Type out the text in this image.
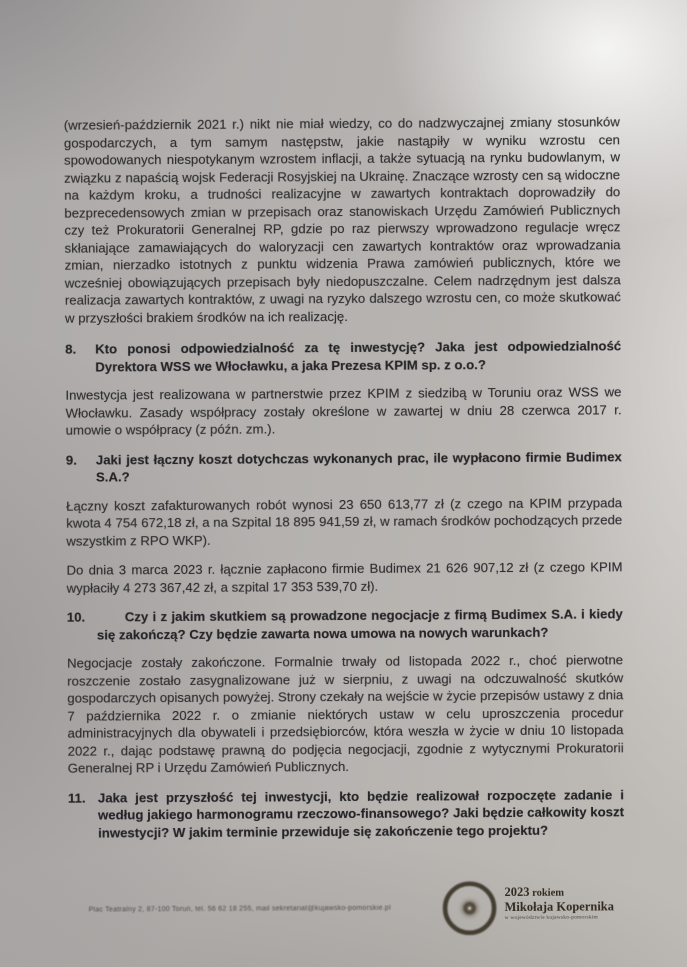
(wrzesień-październik 2021 r.) nikt nie miał wiedzy, co do nadzwyczajnej zmiany stosunków gospodarczych, a tym samym następstw, jakie nastąpiły w wyniku wzrostu cen spowodowanych niespotykanym wzrostem inflacji, a także sytuacją na rynku budowlanym, w związku z napaścią wojsk Federacji Rosyjskiej na Ukrainę. Znaczące wzrosty cen są widoczne na każdym kroku, a trudności realizacyjne w zawartych kontraktach doprowadziły do bezprecedensowych zmian w przepisach oraz stanowiskach Urzędu Zamówień Publicznych czy też Prokuratorii Generalnej RP, gdzie po raz pierwszy wprowadzono regulacje wręcz skłaniające zamawiających do waloryzacji cen zawartych kontraktów oraz wprowadzania zmian, nierzadko istotnych z punktu widzenia Prawa zamówień publicznych, które we wcześniej obowiązujących przepisach były niedopuszczalne. Celem nadrzędnym jest dalsza realizacja zawartych kontraktów, z uwagi na ryzyko dalszego wzrostu cen, co może skutkować w przyszłości brakiem środków na ich realizację.

8. Kto ponosi odpowiedzialność za tę inwestycję? Jaka jest odpowiedzialność Dyrektora WSS we Włocławku, a jaka Prezesa KPIM sp. z o.o.?

Inwestycja jest realizowana w partnerstwie przez KPIM z siedzibą w Toruniu oraz WSS we Włocławku. Zasady współpracy zostały określone w zawartej w dniu 28 czerwca 2017 r. umowie o współpracy (z późn. zm.).

9. Jaki jest łączny koszt dotychczas wykonanych prac, ile wypłacono firmie Budimex S.A.?

Łączny koszt zafakturowanych robót wynosi 23 650 613,77 zł (z czego na KPIM przypada kwota 4 754 672,18 zł, a na Szpital 18 895 941,59 zł, w ramach środków pochodzących przede wszystkim z RPO WKP).

Do dnia 3 marca 2023 r. łącznie zapłacono firmie Budimex 21 626 907,12 zł (z czego KPIM wypłaciły 4 273 367,42 zł, a szpital 17 353 539,70 zł).

10.	Czy i z jakim skutkiem są prowadzone negocjacje z firmą Budimex S.A. i kiedy się zakończą? Czy będzie zawarta nowa umowa na nowych warunkach?

Negocjacje zostały zakończone. Formalnie trwały od listopada 2022 r., choć pierwotne roszczenie zostało zasygnalizowane już w sierpniu, z uwagi na odczuwalność skutków gospodarczych opisanych powyżej. Strony czekały na wejście w życie przepisów ustawy z dnia 7 października 2022 r. o zmianie niektórych ustaw w celu uproszczenia procedur administracyjnych dla obywateli i przedsiębiorców, która weszła w życie w dniu 10 listopada 2022 r., dając podstawę prawną do podjęcia negocjacji, zgodnie z wytycznymi Prokuratorii Generalnej RP i Urzędu Zamówień Publicznych.

11. Jaka jest przyszłość tej inwestycji, kto będzie realizował rozpoczęte zadanie i według jakiego harmonogramu rzeczowo-finansowego? Jaki będzie całkowity koszt inwestycji? W jakim terminie przewiduje się zakończenie tego projektu?

Plac Teatralny 2, 87-100 Toruń, tel. 56 62 18 255, mail sekretariat@kujawsko-pomorskie.pl
2023 rokiem
Mikołaja Kopernika
w województwie kujawsko-pomorskim
